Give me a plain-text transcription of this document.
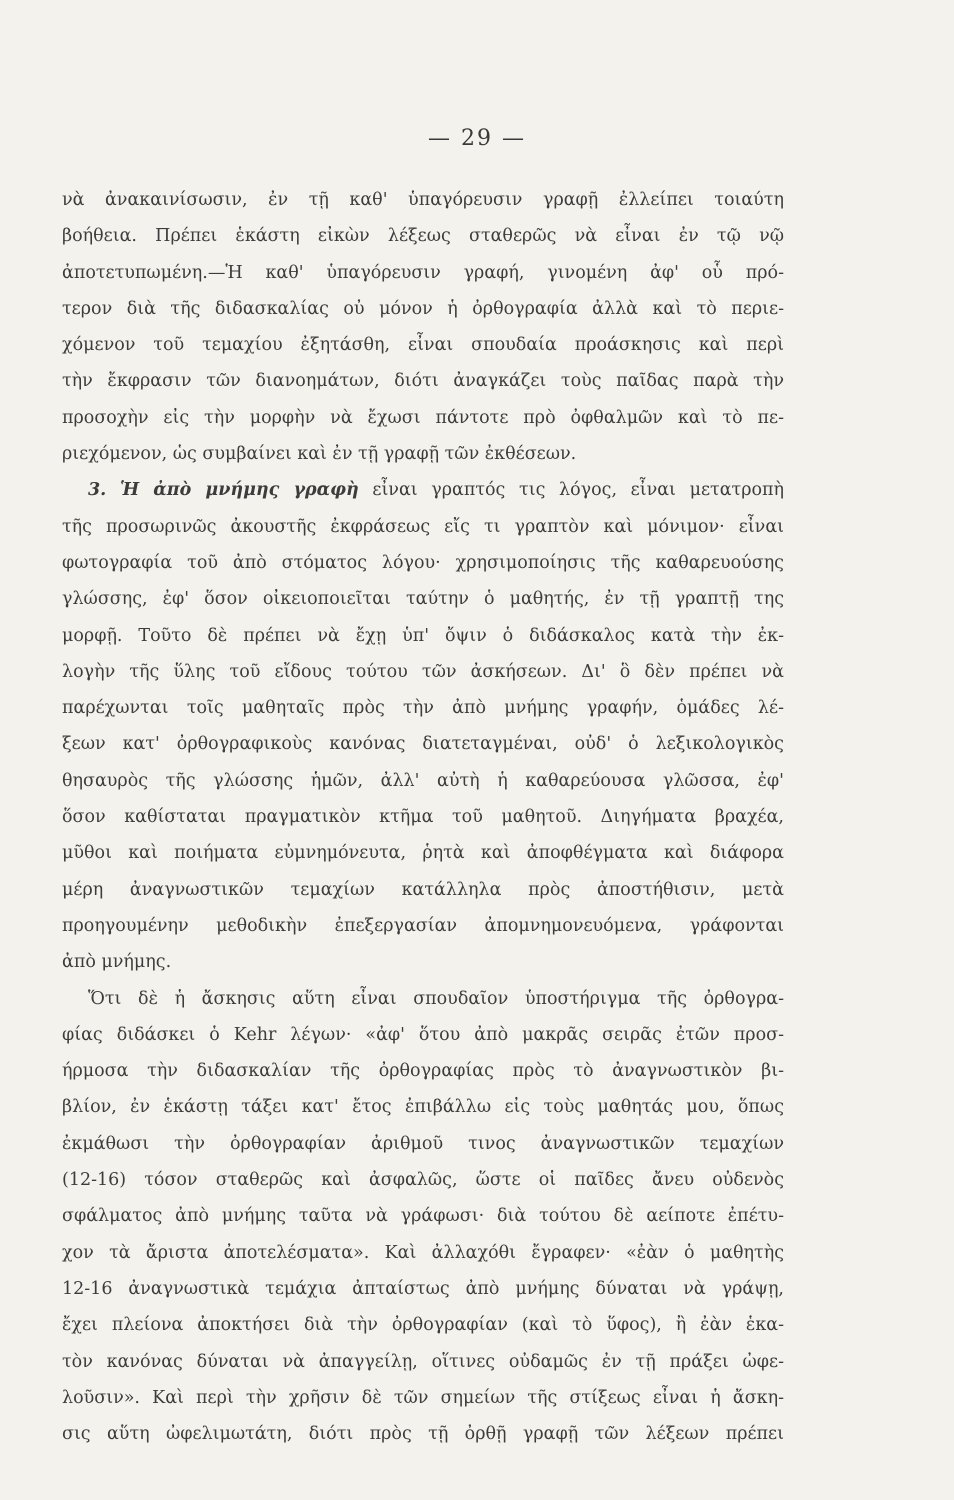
— 29 —
νὰ ἀνακαινίσωσιν, ἐν τῇ καθ' ὑπαγόρευσιν γραφῇ ἐλλείπει τοιαύτη
βοήθεια. Πρέπει ἑκάστη εἰκὼν λέξεως σταθερῶς νὰ εἶναι ἐν τῷ νῷ
ἀποτετυπωμένη.—Ἡ καθ' ὑπαγόρευσιν γραφή, γινομένη ἀφ' οὗ πρό-
τερον διὰ τῆς διδασκαλίας οὐ μόνον ἡ ὀρθογραφία ἀλλὰ καὶ τὸ περιε-
χόμενον τοῦ τεμαχίου ἐξητάσθη, εἶναι σπουδαία προάσκησις καὶ περὶ
τὴν ἔκφρασιν τῶν διανοημάτων, διότι ἀναγκάζει τοὺς παῖδας παρὰ τὴν
προσοχὴν εἰς τὴν μορφὴν νὰ ἔχωσι πάντοτε πρὸ ὀφθαλμῶν καὶ τὸ πε-
ριεχόμενον, ὡς συμβαίνει καὶ ἐν τῇ γραφῇ τῶν ἐκθέσεων.
3. Ἡ ἀπὸ μνήμης γραφὴ εἶναι γραπτός τις λόγος, εἶναι μετατροπὴ
τῆς προσωρινῶς ἀκουστῆς ἐκφράσεως εἴς τι γραπτὸν καὶ μόνιμον· εἶναι
φωτογραφία τοῦ ἀπὸ στόματος λόγου· χρησιμοποίησις τῆς καθαρευούσης
γλώσσης, ἐφ' ὅσον οἰκειοποιεῖται ταύτην ὁ μαθητής, ἐν τῇ γραπτῇ της
μορφῇ. Τοῦτο δὲ πρέπει νὰ ἔχῃ ὑπ' ὄψιν ὁ διδάσκαλος κατὰ τὴν ἐκ-
λογὴν τῆς ὕλης τοῦ εἴδους τούτου τῶν ἀσκήσεων. Δι' ὃ δὲν πρέπει νὰ
παρέχωνται τοῖς μαθηταῖς πρὸς τὴν ἀπὸ μνήμης γραφήν, ὁμάδες λέ-
ξεων κατ' ὀρθογραφικοὺς κανόνας διατεταγμέναι, οὐδ' ὁ λεξικολογικὸς
θησαυρὸς τῆς γλώσσης ἡμῶν, ἀλλ' αὐτὴ ἡ καθαρεύουσα γλῶσσα, ἐφ'
ὅσον καθίσταται πραγματικὸν κτῆμα τοῦ μαθητοῦ. Διηγήματα βραχέα,
μῦθοι καὶ ποιήματα εὐμνημόνευτα, ῥητὰ καὶ ἀποφθέγματα καὶ διάφορα
μέρη ἀναγνωστικῶν τεμαχίων κατάλληλα πρὸς ἀποστήθισιν, μετὰ
προηγουμένην μεθοδικὴν ἐπεξεργασίαν ἀπομνημονευόμενα, γράφονται
ἀπὸ μνήμης.
Ὅτι δὲ ἡ ἄσκησις αὕτη εἶναι σπουδαῖον ὑποστήριγμα τῆς ὀρθογρα-
φίας διδάσκει ὁ Kehr λέγων· «ἀφ' ὅτου ἀπὸ μακρᾶς σειρᾶς ἐτῶν προσ-
ήρμοσα τὴν διδασκαλίαν τῆς ὀρθογραφίας πρὸς τὸ ἀναγνωστικὸν βι-
βλίον, ἐν ἑκάστῃ τάξει κατ' ἔτος ἐπιβάλλω εἰς τοὺς μαθητάς μου, ὅπως
ἐκμάθωσι τὴν ὀρθογραφίαν ἀριθμοῦ τινος ἀναγνωστικῶν τεμαχίων
(12-16) τόσον σταθερῶς καὶ ἀσφαλῶς, ὥστε οἱ παῖδες ἄνευ οὐδενὸς
σφάλματος ἀπὸ μνήμης ταῦτα νὰ γράφωσι· διὰ τούτου δὲ αείποτε ἐπέτυ-
χον τὰ ἄριστα ἀποτελέσματα». Καὶ ἀλλαχόθι ἔγραφεν· «ἐὰν ὁ μαθητὴς
12-16 ἀναγνωστικὰ τεμάχια ἀπταίστως ἀπὸ μνήμης δύναται νὰ γράψῃ,
ἔχει πλείονα ἀποκτήσει διὰ τὴν ὀρθογραφίαν (καὶ τὸ ὕφος), ἢ ἐὰν ἑκα-
τὸν κανόνας δύναται νὰ ἀπαγγείλῃ, οἵτινες οὐδαμῶς ἐν τῇ πράξει ὠφε-
λοῦσιν». Καὶ περὶ τὴν χρῆσιν δὲ τῶν σημείων τῆς στίξεως εἶναι ἡ ἄσκη-
σις αὕτη ὠφελιμωτάτη, διότι πρὸς τῇ ὀρθῇ γραφῇ τῶν λέξεων πρέπει
